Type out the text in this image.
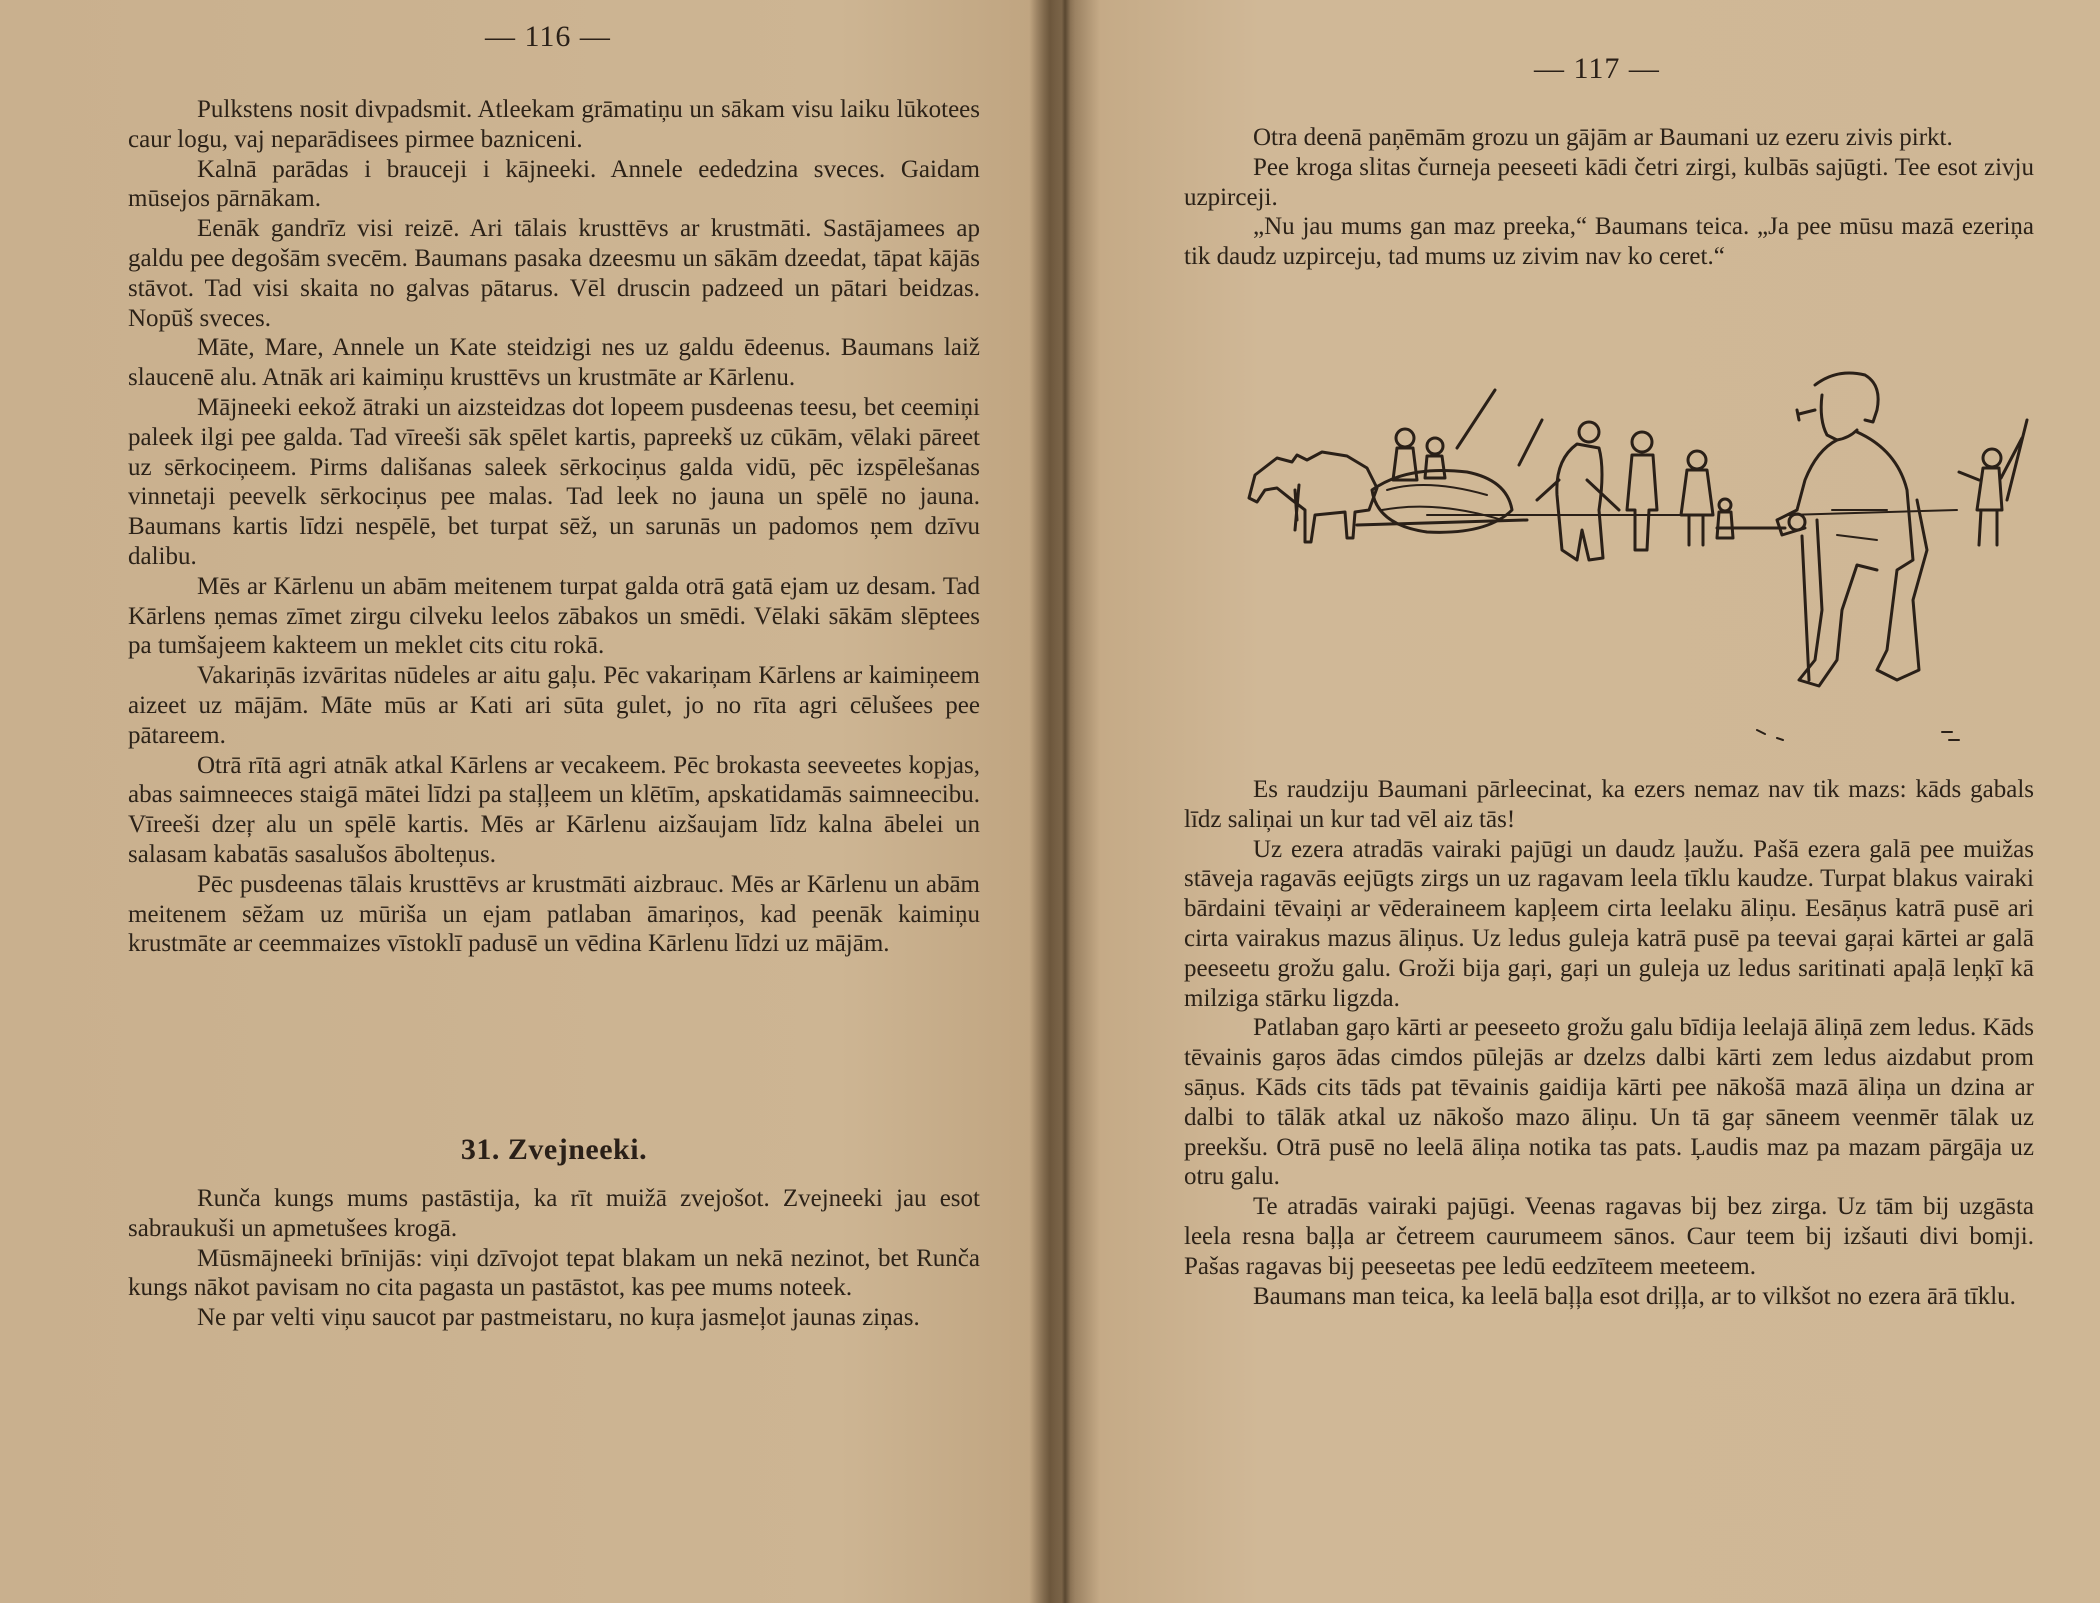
— 116 —

Pulkstens nosit divpadsmit. Atleekam grāmatiņu un sākam visu laiku lūkotees caur logu, vaj neparādisees pirmee bazniceni.

Kalnā parādas i brauceji i kājneeki. Annele eededzina sveces. Gaidam mūsejos pārnākam.

Eenāk gandrīz visi reizē. Ari tālais krusttēvs ar krustmāti. Sastājamees ap galdu pee degošām svecēm. Baumans pasaka dzeesmu un sākām dzeedat, tāpat kājās stāvot. Tad visi skaita no galvas pātarus. Vēl druscin padzeed un pātari beidzas. Nopūš sveces.

Māte, Mare, Annele un Kate steidzigi nes uz galdu ēdeenus. Baumans laiž slaucenē alu. Atnāk ari kaimiņu krusttēvs un krustmāte ar Kārlenu.

Mājneeki eekož ātraki un aizsteidzas dot lopeem pusdeenas teesu, bet ceemiņi paleek ilgi pee galda. Tad vīreeši sāk spēlet kartis, papreekš uz cūkām, vēlaki pāreet uz sērkociņeem. Pirms dališanas saleek sērkociņus galda vidū, pēc izspēlešanas vinnetaji peevelk sērkociņus pee malas. Tad leek no jauna un spēlē no jauna. Baumans kartis līdzi nespēlē, bet turpat sēž, un sarunās un padomos ņem dzīvu dalibu.

Mēs ar Kārlenu un abām meitenem turpat galda otrā gatā ejam uz desam. Tad Kārlens ņemas zīmet zirgu cilveku leelos zābakos un smēdi. Vēlaki sākām slēptees pa tumšajeem kakteem un meklet cits citu rokā.

Vakariņās izvāritas nūdeles ar aitu gaļu. Pēc vakariņam Kārlens ar kaimiņeem aizeet uz mājām. Māte mūs ar Kati ari sūta gulet, jo no rīta agri cēlušees pee pātareem.

Otrā rītā agri atnāk atkal Kārlens ar vecakeem. Pēc brokasta seeveetes kopjas, abas saimneeces staigā mātei līdzi pa staļļeem un klētīm, apskatidamās saimneecibu. Vīreeši dzeŗ alu un spēlē kartis. Mēs ar Kārlenu aizšaujam līdz kalna ābelei un salasam kabatās sasalušos ābolteņus.

Pēc pusdeenas tālais krusttēvs ar krustmāti aizbrauc. Mēs ar Kārlenu un abām meitenem sēžam uz mūriša un ejam patlaban āmariņos, kad peenāk kaimiņu krustmāte ar ceemmaizes vīstoklī padusē un vēdina Kārlenu līdzi uz mājām.

31. Zvejneeki.

Runča kungs mums pastāstija, ka rīt muižā zvejošot. Zvejneeki jau esot sabraukuši un apmetušees krogā.

Mūsmājneeki brīnijās: viņi dzīvojot tepat blakam un nekā nezinot, bet Runča kungs nākot pavisam no cita pagasta un pastāstot, kas pee mums noteek.

Ne par velti viņu saucot par pastmeistaru, no kuŗa jasmeļot jaunas ziņas.

— 117 —

Otra deenā paņēmām grozu un gājām ar Baumani uz ezeru zivis pirkt.

Pee kroga slitas čurneja peeseeti kādi četri zirgi, kulbās sajūgti. Tee esot zivju uzpirceji.

„Nu jau mums gan maz preeka,“ Baumans teica. „Ja pee mūsu mazā ezeriņa tik daudz uzpirceju, tad mums uz zivim nav ko ceret.“

Es raudziju Baumani pārleecinat, ka ezers nemaz nav tik mazs: kāds gabals līdz saliņai un kur tad vēl aiz tās!

Uz ezera atradās vairaki pajūgi un daudz ļaužu. Pašā ezera galā pee muižas stāveja ragavās eejūgts zirgs un uz ragavam leela tīklu kaudze. Turpat blakus vairaki bārdaini tēvaiņi ar vēderaineem kapļeem cirta leelaku āliņu. Eesāņus katrā pusē ari cirta vairakus mazus āliņus. Uz ledus guleja katrā pusē pa teevai gaŗai kārtei ar galā peeseetu grožu galu. Groži bija gaŗi, gaŗi un guleja uz ledus saritinati apaļā leņķī kā milziga stārku ligzda.

Patlaban gaŗo kārti ar peeseeto grožu galu bīdija leelajā āliņā zem ledus. Kāds tēvainis gaŗos ādas cimdos pūlejās ar dzelzs dalbi kārti zem ledus aizdabut prom sāņus. Kāds cits tāds pat tēvainis gaidija kārti pee nākošā mazā āliņa un dzina ar dalbi to tālāk atkal uz nākošo mazo āliņu. Un tā gaŗ sāneem veenmēr tālak uz preekšu. Otrā pusē no leelā āliņa notika tas pats. Ļaudis maz pa mazam pārgāja uz otru galu.

Te atradās vairaki pajūgi. Veenas ragavas bij bez zirga. Uz tām bij uzgāsta leela resna baļļa ar četreem caurumeem sānos. Caur teem bij izšauti divi bomji. Pašas ragavas bij peeseetas pee ledū eedzīteem meeteem.

Baumans man teica, ka leelā baļļa esot driļļa, ar to vilkšot no ezera ārā tīklu.
